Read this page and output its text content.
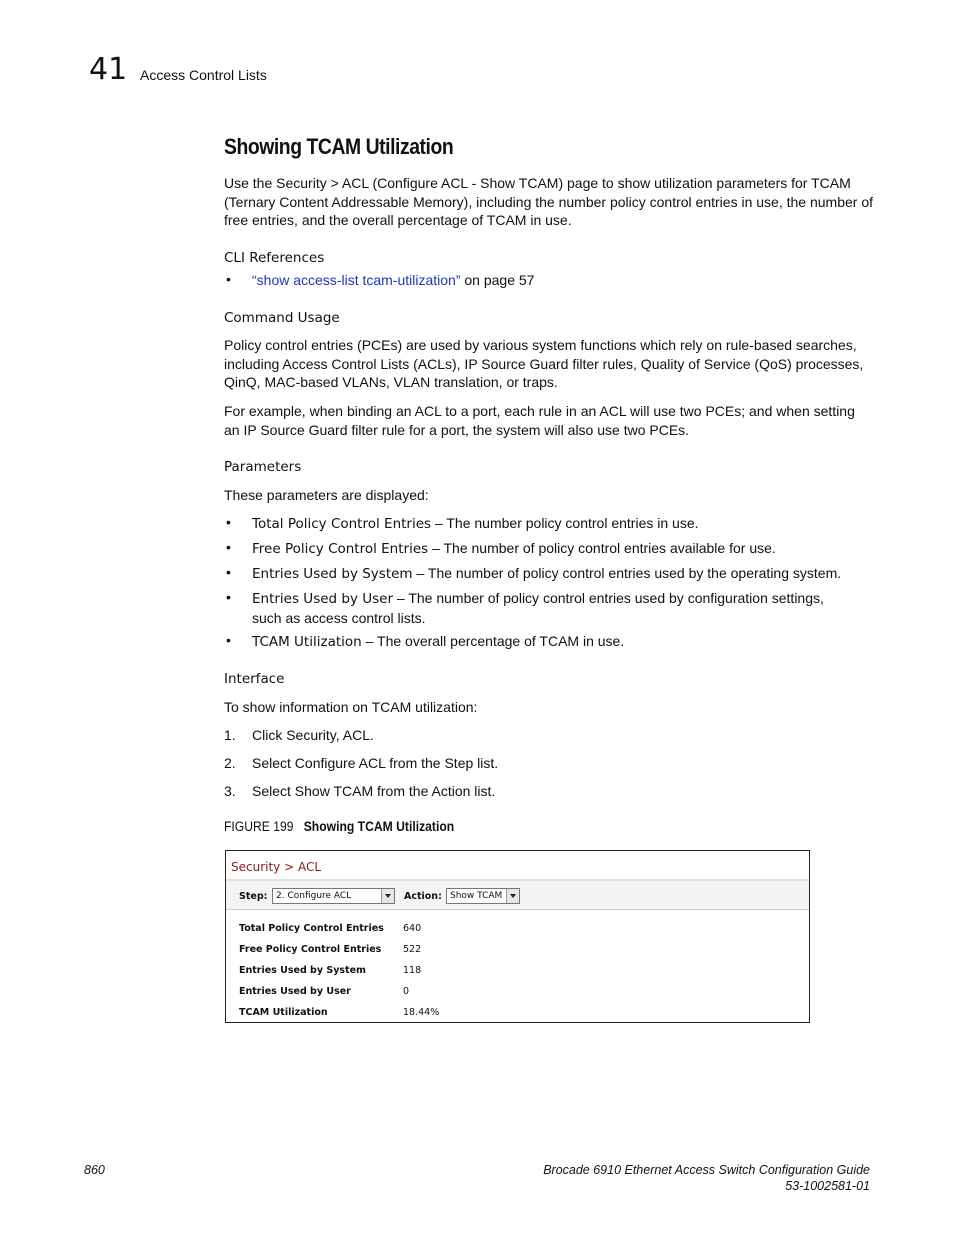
41 Access Control Lists
Showing TCAM Utilization
Use the Security > ACL (Configure ACL - Show TCAM) page to show utilization parameters for TCAM (Ternary Content Addressable Memory), including the number policy control entries in use, the number of free entries, and the overall percentage of TCAM in use.
CLI References
• “show access-list tcam-utilization” on page 57
Command Usage
Policy control entries (PCEs) are used by various system functions which rely on rule-based searches, including Access Control Lists (ACLs), IP Source Guard filter rules, Quality of Service (QoS) processes, QinQ, MAC-based VLANs, VLAN translation, or traps.
For example, when binding an ACL to a port, each rule in an ACL will use two PCEs; and when setting an IP Source Guard filter rule for a port, the system will also use two PCEs.
Parameters
These parameters are displayed:
• Total Policy Control Entries – The number policy control entries in use.
• Free Policy Control Entries – The number of policy control entries available for use.
• Entries Used by System – The number of policy control entries used by the operating system.
• Entries Used by User – The number of policy control entries used by configuration settings, such as access control lists.
• TCAM Utilization – The overall percentage of TCAM in use.
Interface
To show information on TCAM utilization:
1. Click Security, ACL.
2. Select Configure ACL from the Step list.
3. Select Show TCAM from the Action list.
FIGURE 199 Showing TCAM Utilization
Security > ACL
Step: 2. Configure ACL	Action: Show TCAM
Total Policy Control Entries 640
Free Policy Control Entries 522
Entries Used by System	118
Entries Used by User	0
TCAM Utilization	18.44%
860	Brocade 6910 Ethernet Access Switch Configuration Guide
53-1002581-01
